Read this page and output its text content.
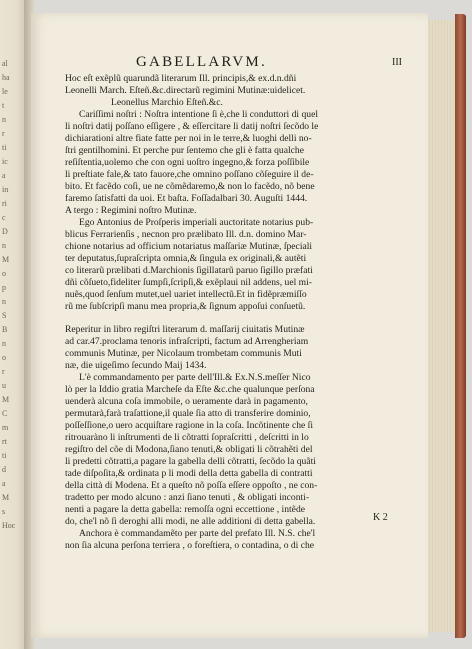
al
ha
le
t
n
r
ti
ic
a
in
ri
c
D
n
M
o
p
n
S
B
n
o
r
u
M
C
m
rt
ti
d
a
M
s
Hoc
GABELLARVM.	III
Hoc eſt exẽplũ quarundã literarum Ill. principis,& ex.d.n.dñi
Leonelli March. Eſteñ.&c.directarũ regimini Mutinæ:uidelicet.
Leonellus Marchio Eſteñ.&c.
Cariſſimi noſtri : Noſtra intentione ſi è,che li conduttori di quel
li noſtri datij poſſano eſſigere , & eſſercitare li datij noſtri ſecõdo le
dichiarationi altre fiate fatte per noi in le terre,& luoghi delli no-
ſtri gentilhomini. Et perche pur ſentemo che gli è fatta qualche
reſiſtentia,uolemo che con ogni uoſtro ingegno,& forza poſſibile
li preſtiate fale,& tato fauore,che omnino poſſano cõſeguire il de-
bito. Et facẽdo coſi, ue ne cõmẽdaremo,& non lo facẽdo, nõ bene
faremo ſatisfatti da uoi. Et baſta. Foſſadalbari 30. Auguſti 1444.
A tergo : Regimini noſtro Mutinæ.
Ego Antonius de Proſperis imperiali auctoritate notarius pub-
blicus Ferrarienſis , necnon pro prælibato Ill. d.n. domino Mar-
chione notarius ad officium notariatus maſſariæ Mutinæ, ſpeciali
ter deputatus,ſupraſcripta omnia,& ſingula ex originali,& autẽti
co literarũ prælibati d.Marchionis ſigillatarũ paruo ſigillo præfati
dñi cõſueto,fideliter ſumpſi,ſcripſi,& exẽplaui nil addens, uel mi-
nuẽs,quod ſenſum mutet,uel uariet intellectũ.Et in fidẽpræmiſſo
rũ me ſubſcripſi manu mea propria,& ſignum appoſui conſuetũ.
Reperitur in libro regiſtri literarum d. maſſarij ciuitatis Mutinæ
ad car.47.proclama tenoris infraſcripti, factum ad Arrengheriam
communis Mutinæ, per Nicolaum trombetam communis Muti
næ, die uigeſimo ſecundo Maij 1434.
L'è commandamento per parte dell'Ill.& Ex.N.S.meſſer Nico
lò per la Iddio gratia Marcheſe da Eſte &c.che qualunque perſona
uenderà alcuna coſa immobile, o ueramente darà in pagamento,
permutarà,farà traſattione,il quale ſia atto di transferire dominio,
poſſeſſione,o uero acquiſtare ragione in la coſa. Incõtinente che ſi
ritrouaràno li inſtrumenti de li cõtratti ſopraſcritti , deſcritti in lo
regiſtro del cõe di Modona,ſiano tenuti,& obligati li cõtrahẽti del
li predetti cõtratti,a pagare la gabella delli cõtratti, ſecõdo la quãti
tade diſpoſita,& ordinata p li modi della detta gabella di contratti
della città di Modena. Et a queſto nõ poſſa eſſere oppoſto , ne con-
tradetto per modo alcuno : anzi ſiano tenuti , & obligati inconti-
nenti a pagare la detta gabella: remoſſa ogni eccettione , intẽde
do, che'l nõ ſi deroghi alli modi, ne alle additioni di detta gabella.
Anchora è commandamẽto per parte del prefato Ill. N.S. che'l
non ſia alcuna perſona terriera , o foreſtiera, o contadina, o di che
K 2
